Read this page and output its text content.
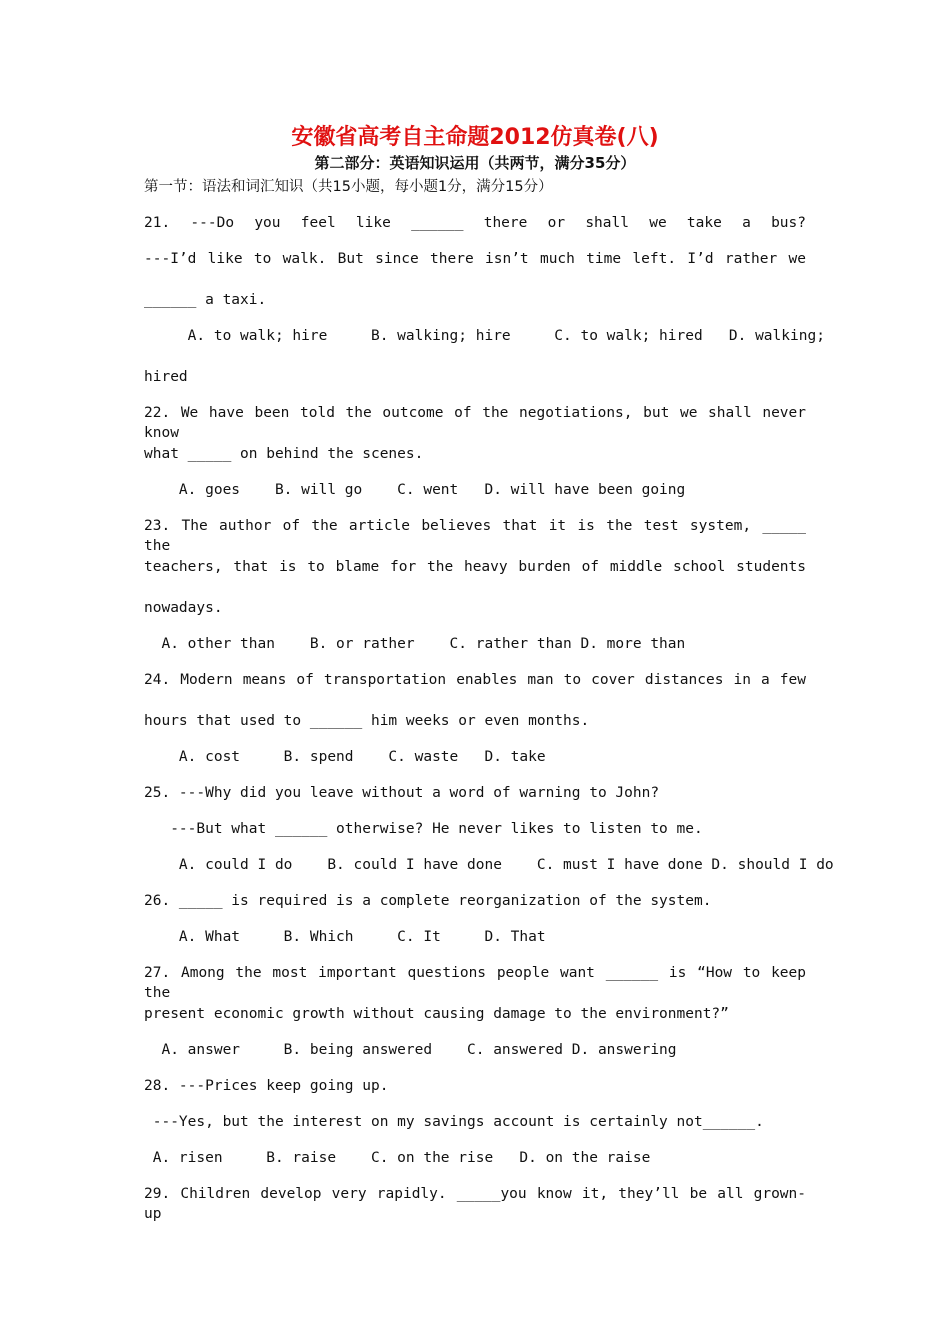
安徽省高考自主命题2012仿真卷(八)
第二部分：英语知识运用（共两节，满分35分）
第一节：语法和词汇知识（共15小题，每小题1分，满分15分）
21. ---Do you feel like ______ there or shall we take a bus?
---I’d like to walk. But since there isn’t much time left. I’d rather we
______ a taxi.
A. to walk; hire     B. walking; hire     C. to walk; hired   D. walking;
hired
22. We have been told the outcome of the negotiations, but we shall never know
what _____ on behind the scenes.
A. goes    B. will go    C. went   D. will have been going
23. The author of the article believes that it is the test system, _____ the
teachers, that is to blame for the heavy burden of middle school students
nowadays.
A. other than    B. or rather    C. rather than D. more than
24. Modern means of transportation enables man to cover distances in a few
hours that used to ______ him weeks or even months.
A. cost     B. spend    C. waste   D. take
25. ---Why did you leave without a word of warning to John?
---But what ______ otherwise? He never likes to listen to me.
A. could I do    B. could I have done    C. must I have done D. should I do
26. _____ is required is a complete reorganization of the system.
A. What     B. Which     C. It     D. That
27. Among the most important questions people want ______ is “How to keep the
present economic growth without causing damage to the environment?”
A. answer     B. being answered    C. answered D. answering
28. ---Prices keep going up.
---Yes, but the interest on my savings account is certainly not______.
A. risen     B. raise    C. on the rise   D. on the raise
29. Children develop very rapidly. _____you know it, they’ll be all grown-up
